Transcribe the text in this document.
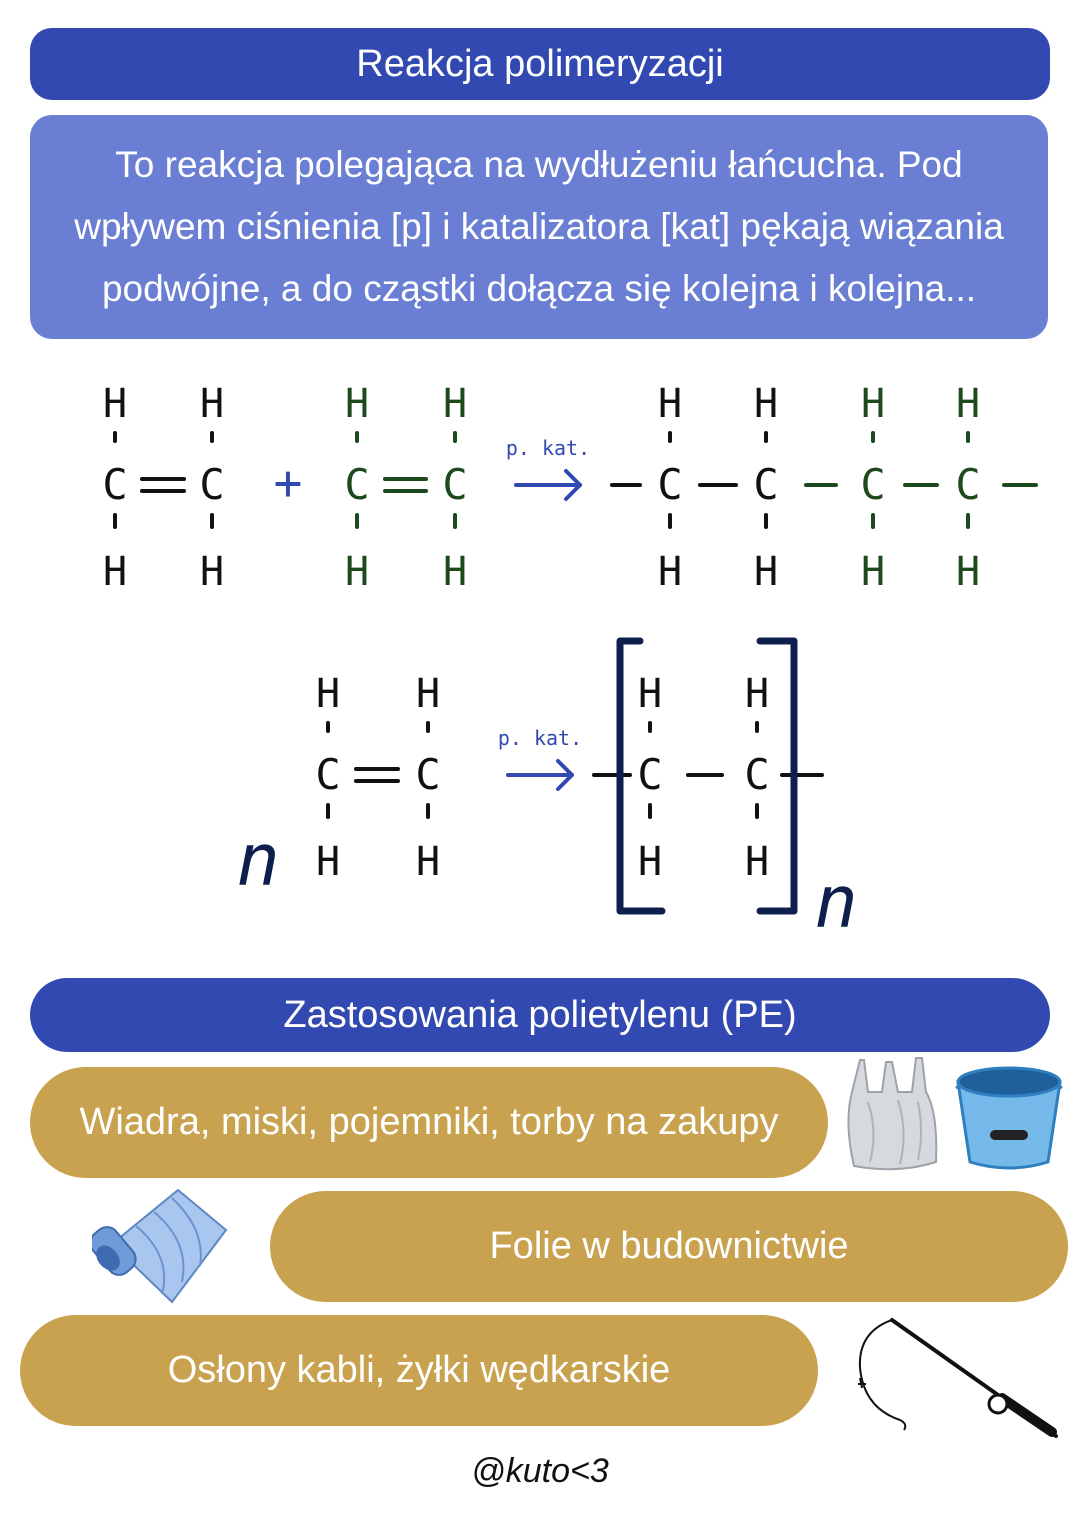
Reakcja polimeryzacji
To reakcja polegająca na wydłużeniu łańcucha. Pod wpływem ciśnienia [p] i katalizatora [kat] pękają wiązania podwójne, a do cząstki dołącza się kolejna i kolejna...
H
C
H
H
C
H
+
H
C
H
H
C
H
p. kat.
H
C
H
H
C
H
H
C
H
H
C
H
H
C
H
H
C
H
n
p. kat.
H
C
H
H
C
H n
Zastosowania polietylenu (PE)
Wiadra, miski, pojemniki, torby na zakupy
Folie w budownictwie
Osłony kabli, żyłki wędkarskie
@kuto<3
